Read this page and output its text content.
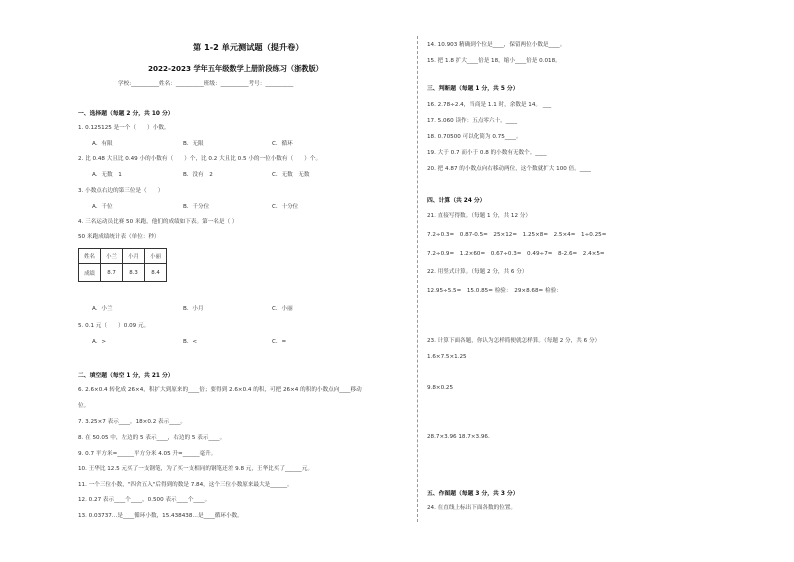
第 1-2 单元测试题（提升卷）
2022-2023 学年五年级数学上册阶段练习（浙教版）
学校:__________姓名：__________班级：__________考号：__________
一、选择题（每题 2 分，共 10 分）
1. 0.125125 是一个（　　）小数。
A．有限	B．无限	C．循环
2. 比 0.48 大且比 0.49 小的小数有（　　）个，比 0.2 大且比 0.5 小的一位小数有（　　）个。
A．无数　1	B．没有　2	C．无数　无数
3. 小数点右边的第三位是（　　）
A．千位	B．千分位	C．十分位
4. 三名运动员比赛 50 米跑，他们的成绩如下表。第一名是（ ）
50 米跑成绩统计表（单位：秒）
姓名	小兰	小月	小丽
成绩	8.7	8.3	8.4
A．小兰	B．小月	C．小丽
5. 0.1 元（　　）0.09 元。
A．>	B．<	C．=
二、填空题（每空 1 分，共 21 分）
6. 2.6×0.4 转化成 26×4，积扩大到原来的____倍；要得到 2.6×0.4 的积，可把 26×4 的积的小数点向____移动
位。
7. 3.25×7 表示____，18×0.2 表示____。
8. 在 50.05 中，左边的 5 表示____，右边的 5 表示____。
9. 0.7 平方米=______平方分米 4.05 升=______毫升。
10. 王华比 12.5 元买了一支钢笔，为了买一支相同的钢笔还差 9.8 元，王华比买了______元。
11. 一个三位小数，"四舍五入"后得到的数是 7.84，这个三位小数原来最大是______。
12. 0.27 表示____个____，0.500 表示____个____。
13. 0.03737…是____循环小数，15.438438…是____循环小数。
14. 10.903 精确到个位是____，保留两位小数是____。
15. 把 1.8 扩大____倍是 18，缩小____倍是 0.018。
三、判断题（每题 1 分，共 5 分）
16. 2.78÷2.4，当商是 1.1 时，余数是 14。 ___
17. 5.060 读作：五点零六十。____
18. 0.70500 可以化简为 0.75____。
19. 大于 0.7 而小于 0.8 的小数有无数个。____
20. 把 4.87 的小数点向右移动两位，这个数就扩大 100 倍。____
四、计算（共 24 分）
21. 直接写得数。（每题 1 分，共 12 分）
7.2÷0.3=　0.87-0.5=　25×12=　1.25×8=　2.5×4=　1÷0.25=
7.2÷0.9=　1.2×60=　0.67÷0.3=　0.49÷7=　8-2.6=　2.4×5=
22. 用竖式计算。（每题 2 分，共 6 分）
12.95÷5.5=　15.0.85= 检验：　29×8.68= 检验：
23. 计算下面各题，你认为怎样简便就怎样算。（每题 2 分，共 6 分）
1.6×7.5×1.25
9.8×0.25
28.7×3.96 18.7×3.96.
五、作图题（每题 3 分，共 3 分）
24. 在直线上标出下面各数的位置。
